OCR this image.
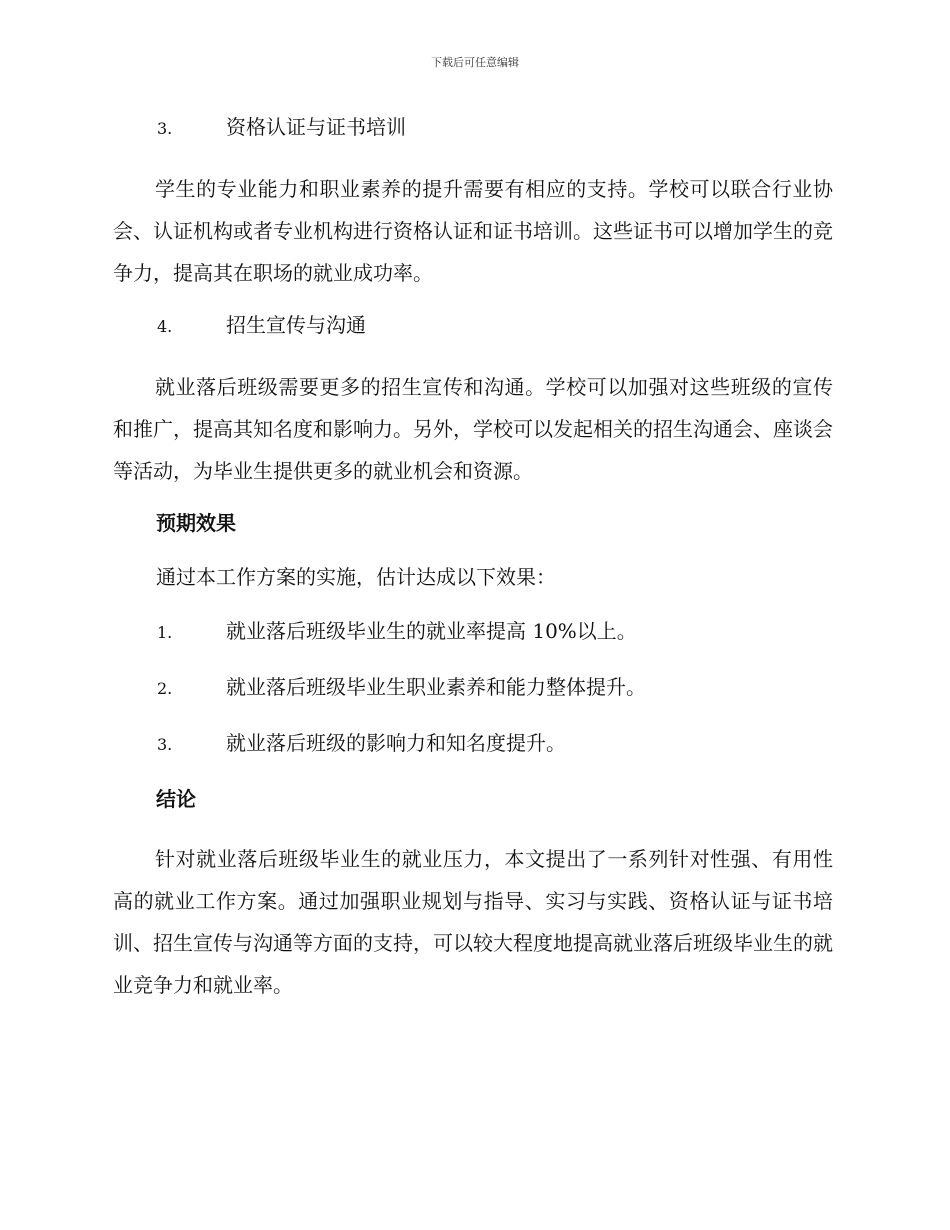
下载后可任意编辑
3.	资格认证与证书培训

学生的专业能力和职业素养的提升需要有相应的支持。学校可以联合行业协会、认证机构或者专业机构进行资格认证和证书培训。这些证书可以增加学生的竞争力，提高其在职场的就业成功率。

4.	招生宣传与沟通

就业落后班级需要更多的招生宣传和沟通。学校可以加强对这些班级的宣传和推广，提高其知名度和影响力。另外，学校可以发起相关的招生沟通会、座谈会等活动，为毕业生提供更多的就业机会和资源。

预期效果
通过本工作方案的实施，估计达成以下效果：
1.	就业落后班级毕业生的就业率提高 10%以上。
2.	就业落后班级毕业生职业素养和能力整体提升。
3.	就业落后班级的影响力和知名度提升。
结论

针对就业落后班级毕业生的就业压力，本文提出了一系列针对性强、有用性高的就业工作方案。通过加强职业规划与指导、实习与实践、资格认证与证书培训、招生宣传与沟通等方面的支持，可以较大程度地提高就业落后班级毕业生的就业竞争力和就业率。
